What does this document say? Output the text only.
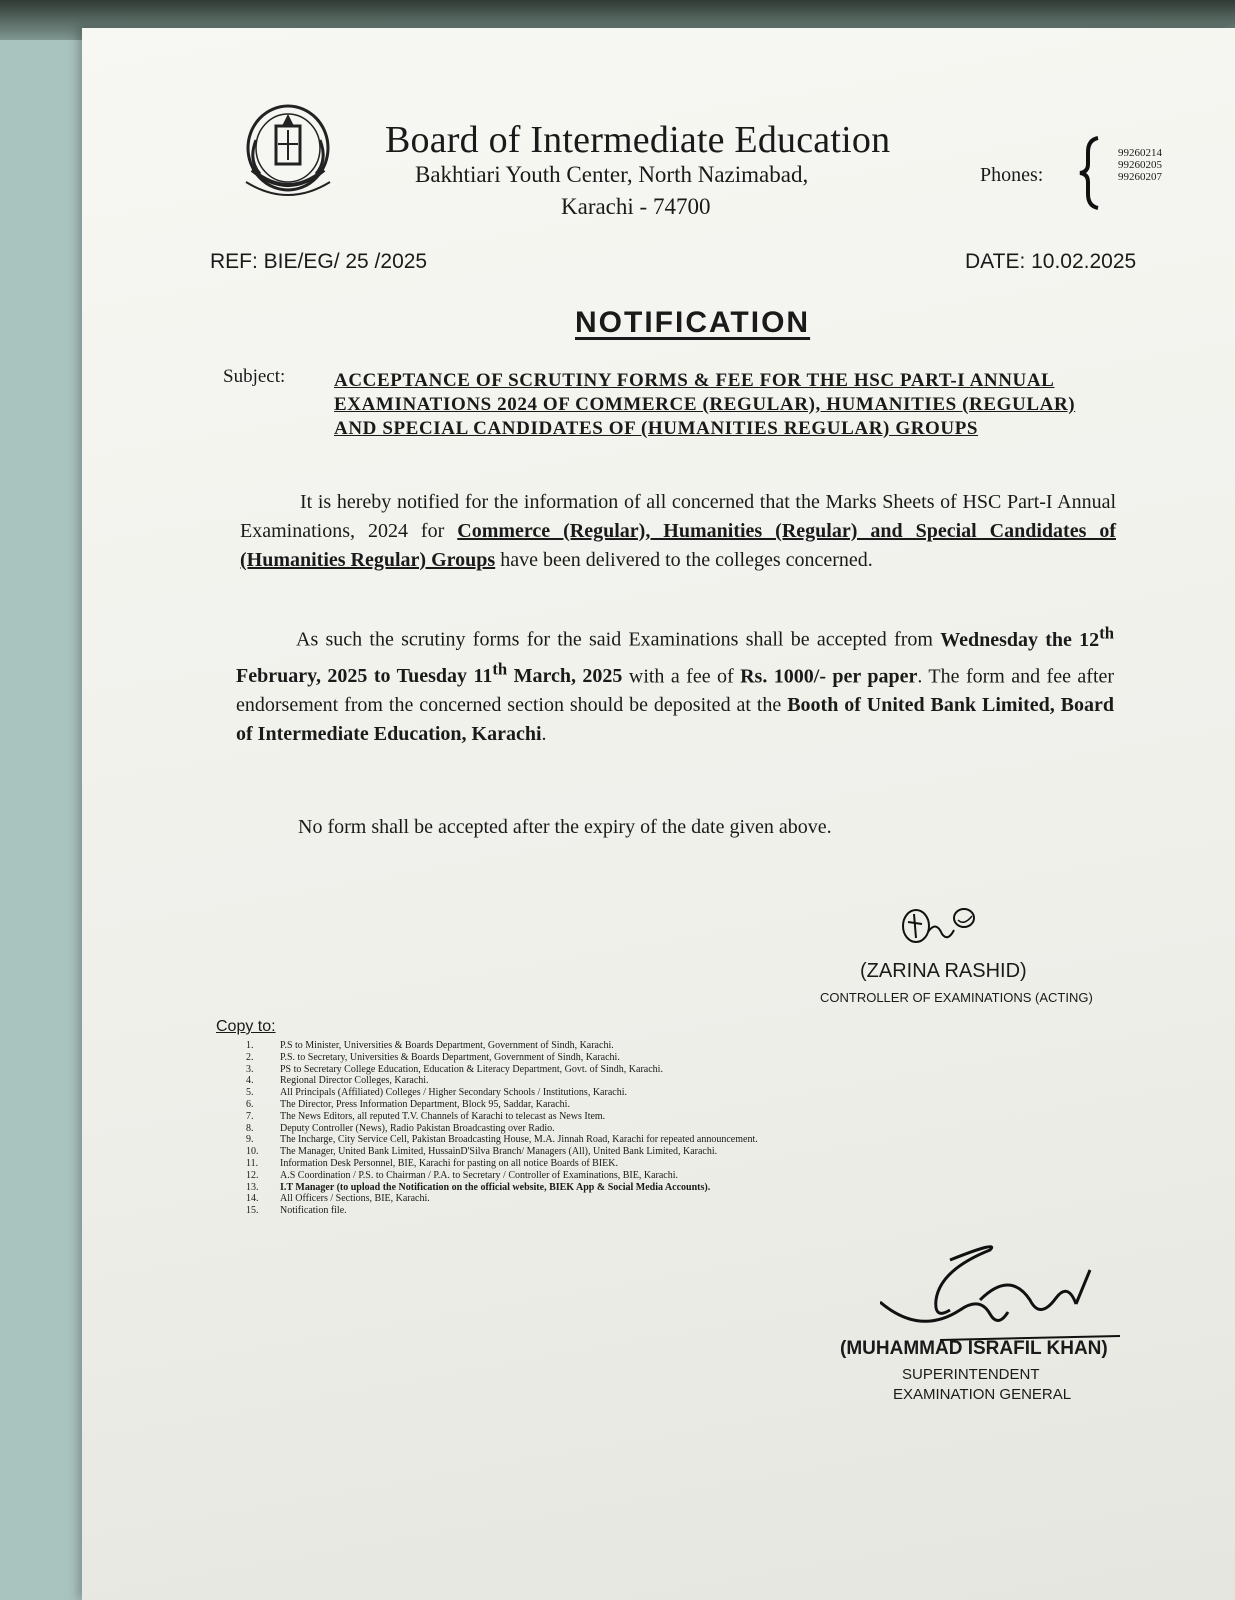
Board of Intermediate Education
Bakhtiari Youth Center, North Nazimabad,
Karachi - 74700
Phones:
99260214
99260205
99260207
REF: BIE/EG/ 25 /2025	DATE: 10.02.2025
NOTIFICATION
Subject:	ACCEPTANCE OF SCRUTINY FORMS & FEE FOR THE HSC PART-I ANNUAL EXAMINATIONS 2024 OF COMMERCE (REGULAR), HUMANITIES (REGULAR) AND SPECIAL CANDIDATES OF (HUMANITIES REGULAR) GROUPS
It is hereby notified for the information of all concerned that the Marks Sheets of HSC Part-I Annual Examinations, 2024 for Commerce (Regular), Humanities (Regular) and Special Candidates of (Humanities Regular) Groups have been delivered to the colleges concerned.
As such the scrutiny forms for the said Examinations shall be accepted from Wednesday the 12th February, 2025 to Tuesday 11th March, 2025 with a fee of Rs. 1000/- per paper. The form and fee after endorsement from the concerned section should be deposited at the Booth of United Bank Limited, Board of Intermediate Education, Karachi.
No form shall be accepted after the expiry of the date given above.
(ZARINA RASHID)
CONTROLLER OF EXAMINATIONS (ACTING)
Copy to:
1.	P.S to Minister, Universities & Boards Department, Government of Sindh, Karachi.
2.	P.S. to Secretary, Universities & Boards Department, Government of Sindh, Karachi.
3.	PS to Secretary College Education, Education & Literacy Department, Govt. of Sindh, Karachi.
4.	Regional Director Colleges, Karachi.
5.	All Principals (Affiliated) Colleges / Higher Secondary Schools / Institutions, Karachi.
6.	The Director, Press Information Department, Block 95, Saddar, Karachi.
7.	The News Editors, all reputed T.V. Channels of Karachi to telecast as News Item.
8.	Deputy Controller (News), Radio Pakistan Broadcasting over Radio.
9.	The Incharge, City Service Cell, Pakistan Broadcasting House, M.A. Jinnah Road, Karachi for repeated announcement.
10. The Manager, United Bank Limited, HussainD'Silva Branch/ Managers (All), United Bank Limited, Karachi.
11. Information Desk Personnel, BIE, Karachi for pasting on all notice Boards of BIEK.
12. A.S Coordination / P.S. to Chairman / P.A. to Secretary / Controller of Examinations, BIE, Karachi.
13. I.T Manager (to upload the Notification on the official website, BIEK App & Social Media Accounts).
14. All Officers / Sections, BIE, Karachi.
15. Notification file.
(MUHAMMAD ISRAFIL KHAN)
SUPERINTENDENT
EXAMINATION GENERAL
